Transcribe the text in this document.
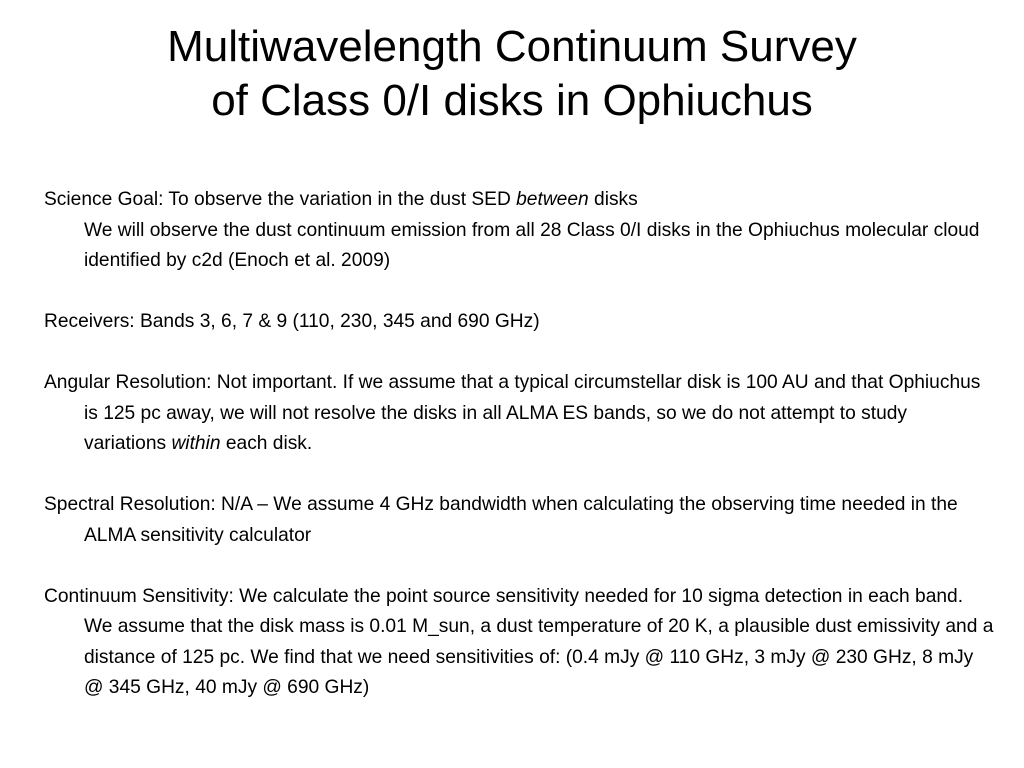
Multiwavelength Continuum Survey
of Class 0/I disks in Ophiuchus
Science Goal: To observe the variation in the dust SED between disks
We will observe the dust continuum emission from all 28 Class 0/I disks in the Ophiuchus molecular cloud identified by c2d (Enoch et al. 2009)
Receivers: Bands 3, 6, 7 & 9 (110, 230, 345 and 690 GHz)
Angular Resolution: Not important. If we assume that a typical circumstellar disk is 100 AU and that Ophiuchus is 125 pc away, we will not resolve the disks in all ALMA ES bands, so we do not attempt to study variations within each disk.
Spectral Resolution: N/A – We assume 4 GHz bandwidth when calculating the observing time needed in the ALMA sensitivity calculator
Continuum Sensitivity: We calculate the point source sensitivity needed for 10 sigma detection in each band. We assume that the disk mass is 0.01 M_sun, a dust temperature of 20 K, a plausible dust emissivity and a distance of 125 pc. We find that we need sensitivities of: (0.4 mJy @ 110 GHz, 3 mJy @ 230 GHz, 8 mJy @ 345 GHz, 40 mJy @ 690 GHz)
